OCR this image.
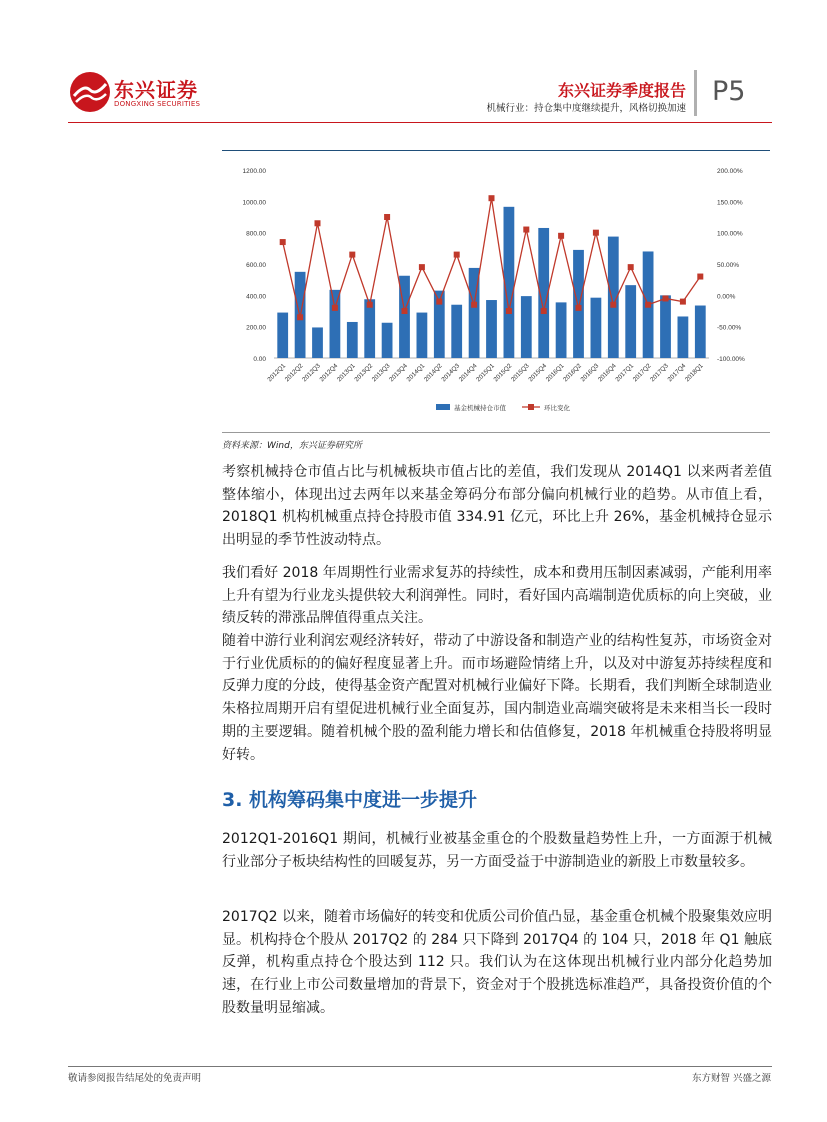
东兴证券
DONGXING SECURITIES
东兴证券季度报告
机械行业：持仓集中度继续提升，风格切换加速
P5
1200.00
1000.00
800.00
600.00
400.00
200.00
0.00
200.00%
150.00%
100.00%
50.00%
0.00%
-50.00%
-100.00%
2012Q1
2012Q2
2012Q3
2012Q4
2013Q1
2013Q2
2013Q3
2013Q4
2014Q1
2014Q2
2014Q3
2014Q4
2015Q1
2015Q2
2015Q3
2015Q4
2016Q1
2016Q2
2016Q3
2016Q4
2017Q1
2017Q2
2017Q3
2017Q4
2018Q1
基金机械持仓市值	环比变化
资料来源：Wind，东兴证券研究所

考察机械持仓市值占比与机械板块市值占比的差值，我们发现从 2014Q1 以来两者差值整体缩小，体现出过去两年以来基金筹码分布部分偏向机械行业的趋势。从市值上看，2018Q1 机构机械重点持仓持股市值 334.91 亿元，环比上升 26%，基金机械持仓显示出明显的季节性波动特点。

我们看好 2018 年周期性行业需求复苏的持续性，成本和费用压制因素减弱，产能利用率上升有望为行业龙头提供较大利润弹性。同时，看好国内高端制造优质标的向上突破，业绩反转的滞涨品牌值得重点关注。

随着中游行业利润宏观经济转好，带动了中游设备和制造产业的结构性复苏，市场资金对于行业优质标的的偏好程度显著上升。而市场避险情绪上升，以及对中游复苏持续程度和反弹力度的分歧，使得基金资产配置对机械行业偏好下降。长期看，我们判断全球制造业朱格拉周期开启有望促进机械行业全面复苏，国内制造业高端突破将是未来相当长一段时期的主要逻辑。随着机械个股的盈利能力增长和估值修复，2018 年机械重仓持股将明显好转。

3. 机构筹码集中度进一步提升

2012Q1-2016Q1 期间，机械行业被基金重仓的个股数量趋势性上升，一方面源于机械行业部分子板块结构性的回暖复苏，另一方面受益于中游制造业的新股上市数量较多。

2017Q2 以来，随着市场偏好的转变和优质公司价值凸显，基金重仓机械个股聚集效应明显。机构持仓个股从 2017Q2 的 284 只下降到 2017Q4 的 104 只，2018 年 Q1 触底反弹，机构重点持仓个股达到 112 只。我们认为在这体现出机械行业内部分化趋势加速，在行业上市公司数量增加的背景下，资金对于个股挑选标准趋严，具备投资价值的个股数量明显缩减。

敬请参阅报告结尾处的免责声明	东方财智 兴盛之源
